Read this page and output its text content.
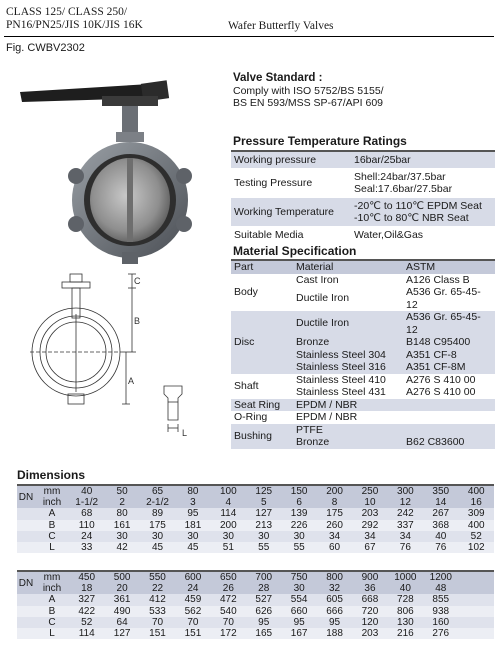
CLASS 125/ CLASS 250/
PN16/PN25/JIS 10K/JIS 16K	Wafer Butterfly Valves
Fig. CWBV2302
C
B
A
L
Valve Standard :
Comply with ISO 5752/BS 5155/
BS EN 593/MSS SP-67/API 609
Pressure Temperature Ratings
Working pressure	16bar/25bar
Testing Pressure	Shell:24bar/37.5bar
Seal:17.6bar/27.5bar

Working Temperature	-20℃ to 110℃ EPDM Seat
-10℃ to 80℃ NBR Seat

Suitable Media	Water,Oil&Gas
Material Specification
Part	Material	ASTM
Body	Cast Iron	A126 Class B
	Ductile Iron	A536 Gr. 65-45-12
Disc	Ductile Iron	A536 Gr. 65-45-12
	Bronze	B148 C95400
	Stainless Steel 304	A351 CF-8
	Stainless Steel 316	A351 CF-8M
Shaft	Stainless Steel 410	A276 S 410 00
	Stainless Steel 431	A276 S 410 00
Seat Ring	EPDM / NBR	
O-Ring	EPDM / NBR	
Bushing	PTFE	
	Bronze	B62 C83600
Dimensions
DN	mm	40	50	65	80	100	125	150	200	250	300	350	400
	inch	1-1/2	2	2-1/2	3	4	5	6	8	10	12	14	16
	A	68	80	89	95	114	127	139	175	203	242	267	309
	B	110	161	175	181	200	213	226	260	292	337	368	400
	C	24	30	30	30	30	30	30	34	34	34	40	52
	L	33	42	45	45	51	55	55	60	67	76	76	102
DN	mm	450	500	550	600	650	700	750	800	900	1000	1200	
	inch	18	20	22	24	26	28	30	32	36	40	48	
	A	327	361	412	459	472	527	554	605	668	728	855	
	B	422	490	533	562	540	626	660	666	720	806	938	
	C	52	64	70	70	70	95	95	95	120	130	160	
	L	114	127	151	151	172	165	167	188	203	216	276	
